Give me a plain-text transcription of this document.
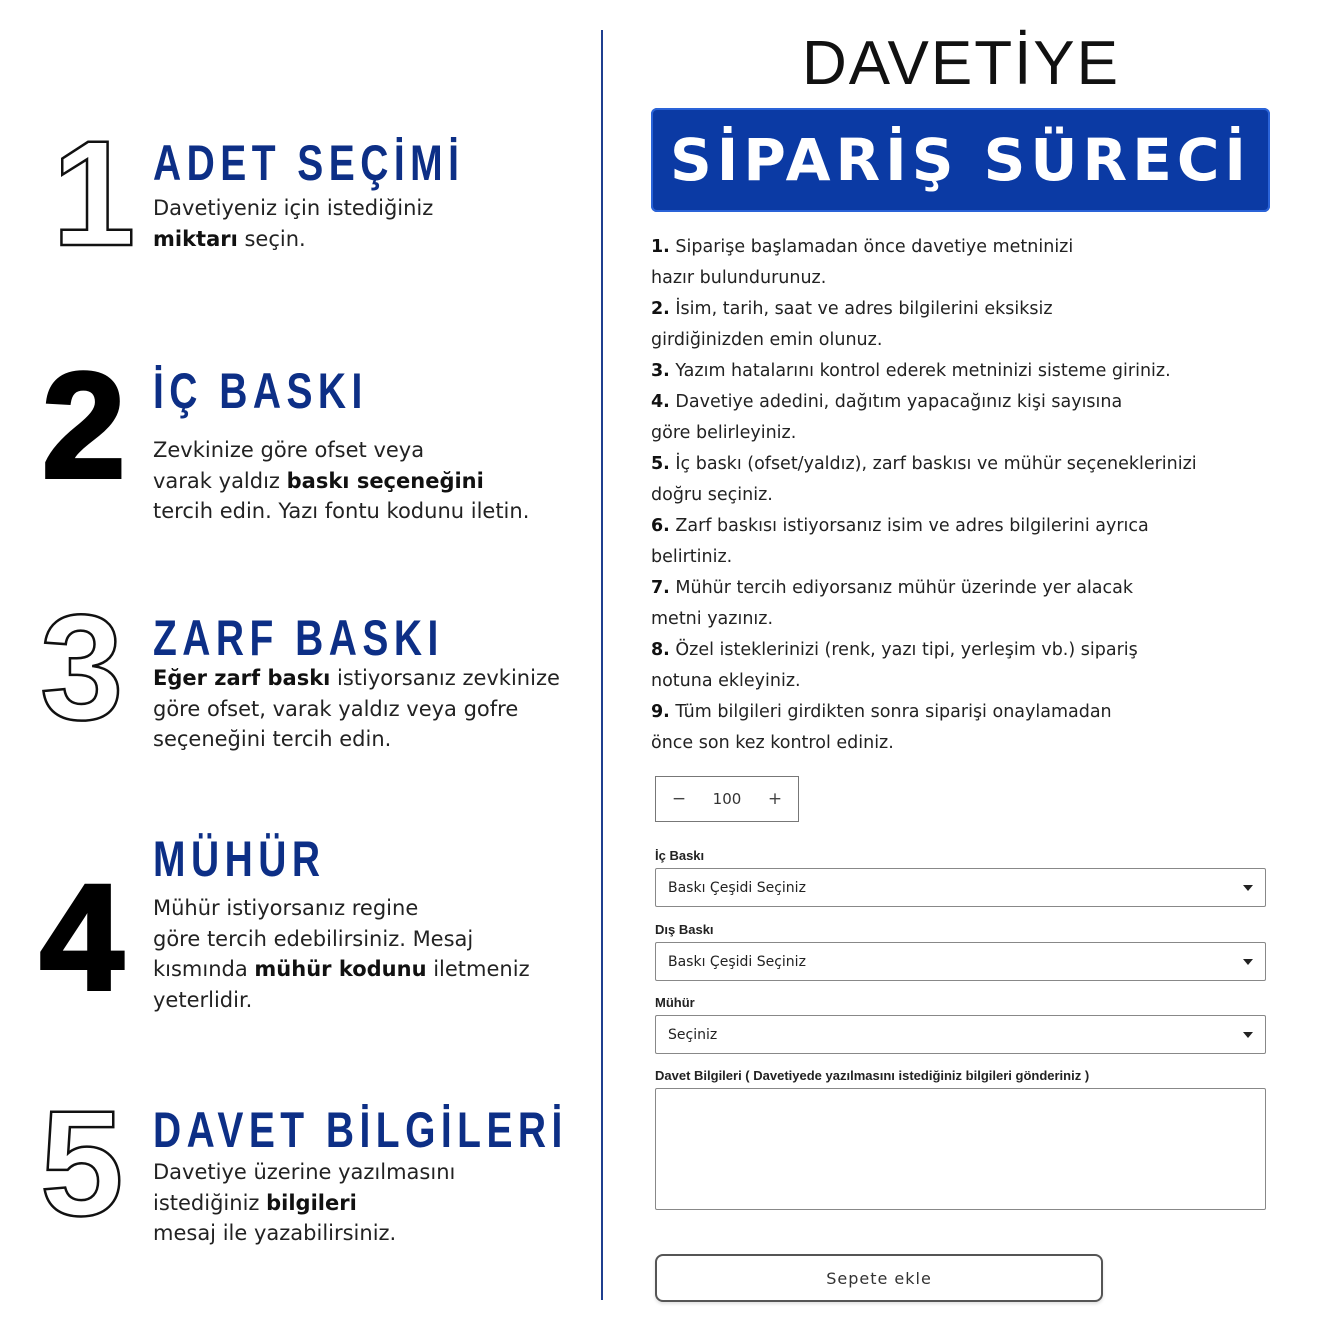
1 ADET SEÇİMİ

Davetiyeniz için istediğiniz
miktarı seçin.

2 İÇ BASKI

Zevkinize göre ofset veya
varak yaldız baskı seçeneğini
tercih edin. Yazı fontu kodunu iletin.

3 ZARF BASKI

Eğer zarf baskı istiyorsanız zevkinize
göre ofset, varak yaldız veya gofre
seçeneğini tercih edin.

4 MÜHÜR

Mühür istiyorsanız regine
göre tercih edebilirsiniz. Mesaj
kısmında mühür kodunu iletmeniz
yeterlidir.

5 DAVET BİLGİLERİ

Davetiye üzerine yazılmasını
istediğiniz bilgileri
mesaj ile yazabilirsiniz.

DAVETİYE
SİPARİŞ SÜRECİ

1. Siparişe başlamadan önce davetiye metninizi
hazır bulundurunuz.

2. İsim, tarih, saat ve adres bilgilerini eksiksiz
girdiğinizden emin olunuz.

3. Yazım hatalarını kontrol ederek metninizi sisteme giriniz.

4. Davetiye adedini, dağıtım yapacağınız kişi sayısına
göre belirleyiniz.

5. İç baskı (ofset/yaldız), zarf baskısı ve mühür seçeneklerinizi
doğru seçiniz.

6. Zarf baskısı istiyorsanız isim ve adres bilgilerini ayrıca
belirtiniz.

7. Mühür tercih ediyorsanız mühür üzerinde yer alacak
metni yazınız.

8. Özel isteklerinizi (renk, yazı tipi, yerleşim vb.) sipariş
notuna ekleyiniz.

9. Tüm bilgileri girdikten sonra siparişi onaylamadan
önce son kez kontrol ediniz.

−	100	+

İç Baskı

Baskı Çeşidi Seçiniz

Dış Baskı

Baskı Çeşidi Seçiniz

Mühür

Seçiniz

Davet Bilgileri ( Davetiyede yazılmasını istediğiniz bilgileri gönderiniz )

Sepete ekle
